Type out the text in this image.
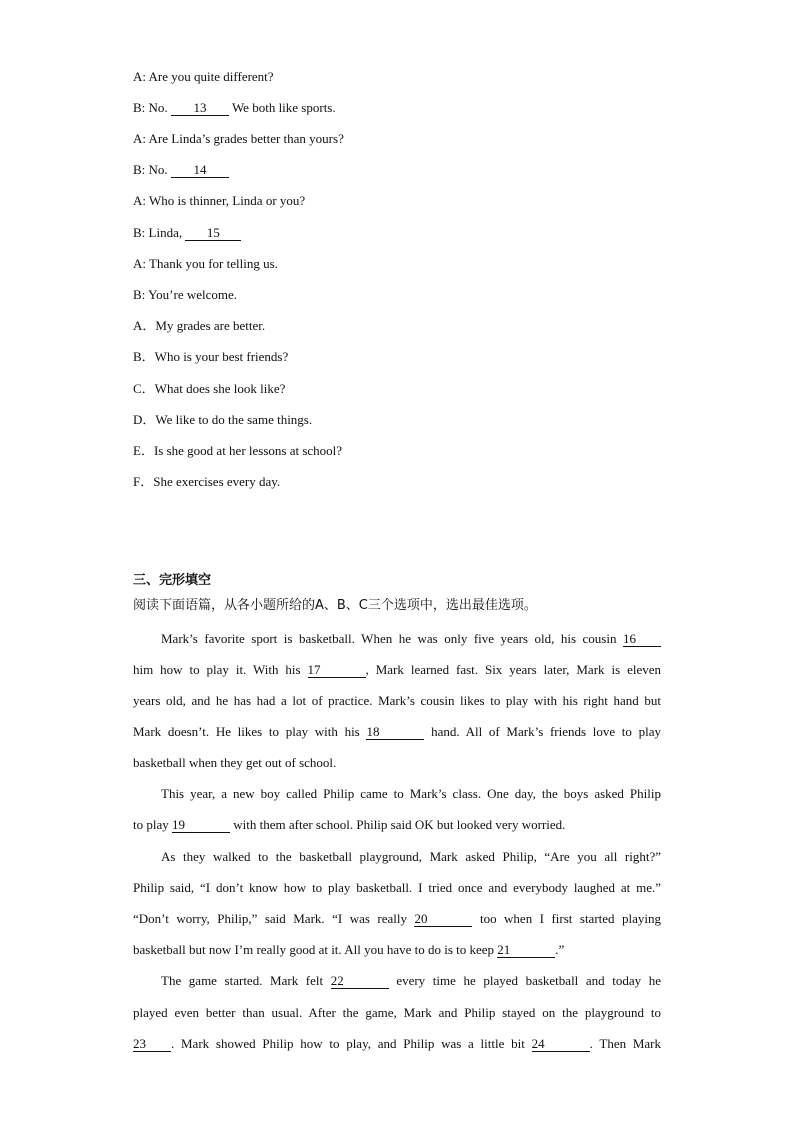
A: Are you quite different?
B: No. 13 We both like sports.
A: Are Linda’s grades better than yours?
B: No. 14
A: Who is thinner, Linda or you?
B: Linda, 15
A: Thank you for telling us.
B: You’re welcome.
A．My grades are better.
B．Who is your best friends?
C．What does she look like?
D．We like to do the same things.
E．Is she good at her lessons at school?
F．She exercises every day.
三、完形填空
阅读下面语篇，从各小题所给的A、B、C三个选项中，选出最佳选项。
Mark’s favorite sport is basketball. When he was only five years old, his cousin 16
him how to play it. With his 17	, Mark learned fast. Six years later, Mark is eleven
years old, and he has had a lot of practice. Mark’s cousin likes to play with his right hand but
Mark doesn’t. He likes to play with his 18	hand. All of Mark’s friends love to play
basketball when they get out of school.
This year, a new boy called Philip came to Mark’s class. One day, the boys asked Philip
to play 19	with them after school. Philip said OK but looked very worried.
As they walked to the basketball playground, Mark asked Philip, “Are you all right?”
Philip said, “I don’t know how to play basketball. I tried once and everybody laughed at me.”
“Don’t worry, Philip,” said Mark. “I was really 20	too when I first started playing
basketball but now I’m really good at it. All you have to do is to keep 21	.”
The game started. Mark felt 22	every time he played basketball and today he
played even better than usual. After the game, Mark and Philip stayed on the playground to
23 . Mark showed Philip how to play, and Philip was a little bit 24	. Then Mark
